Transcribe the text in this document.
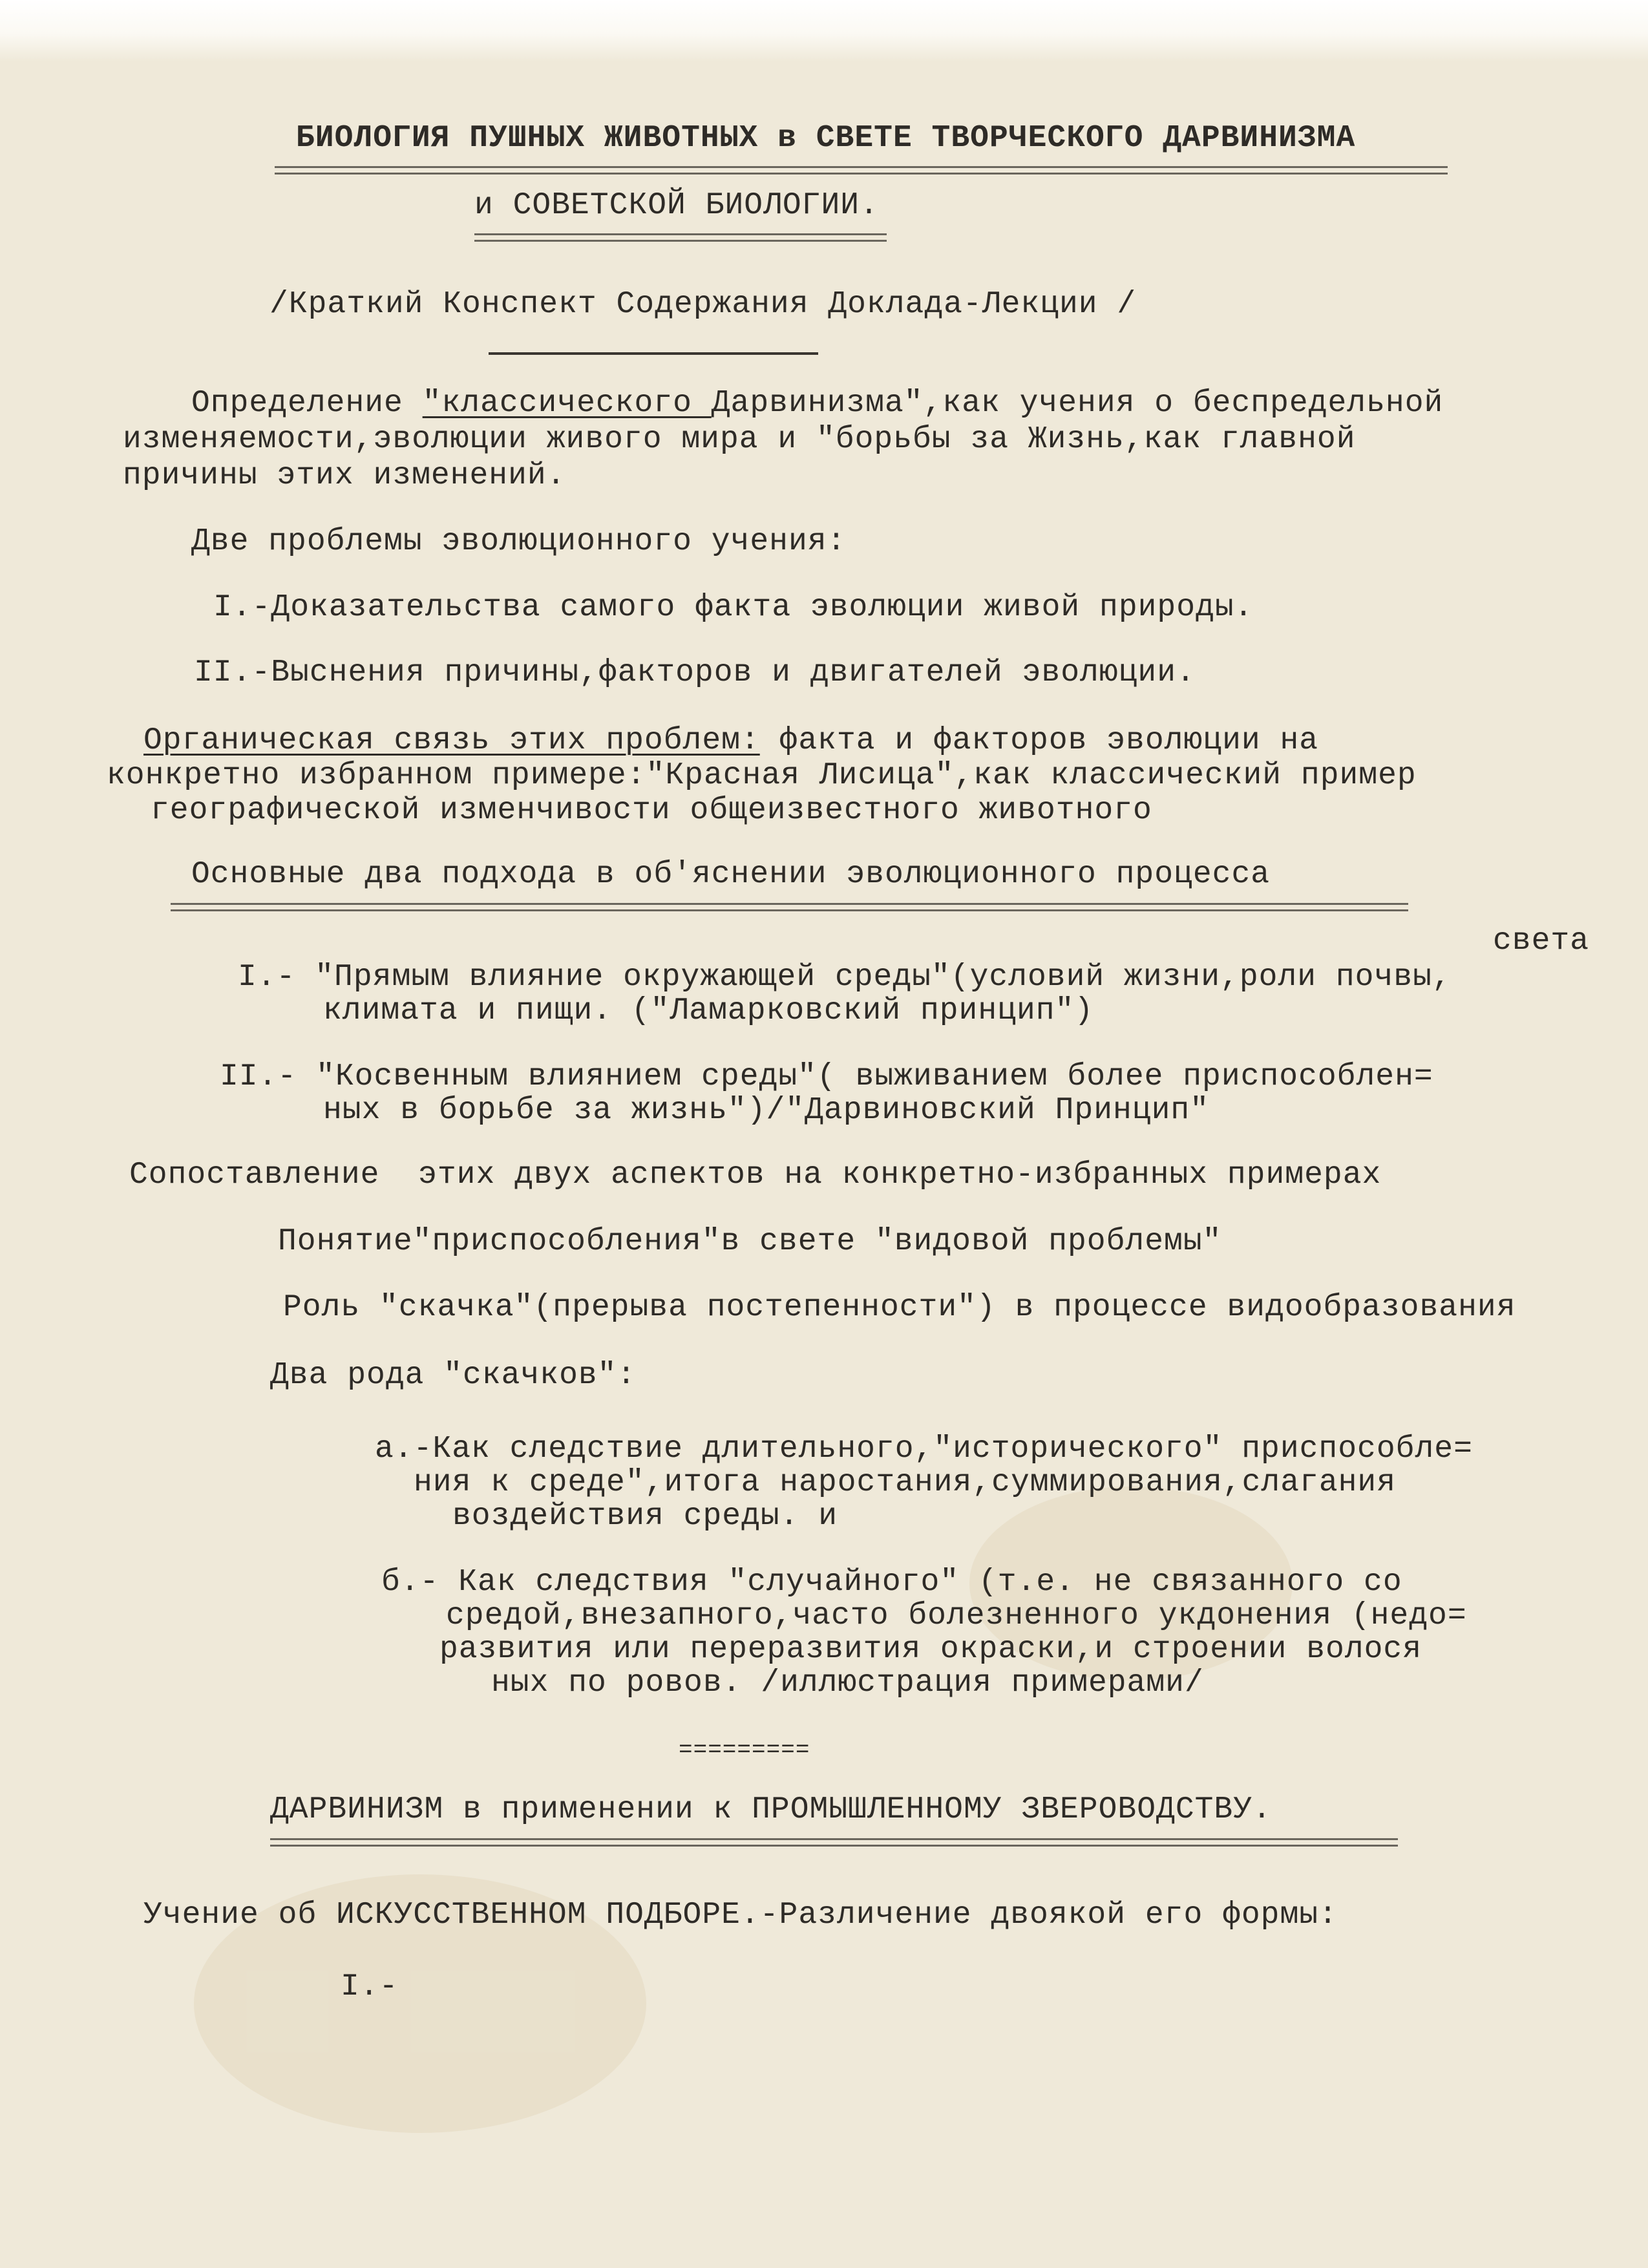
БИОЛОГИЯ ПУШНЫХ ЖИВОТНЫХ в СВЕТЕ ТВОРЧЕСКОГО ДАРВИНИЗМА
и СОВЕТСКОЙ БИОЛОГИИ.
/Краткий Конспект Содержания Доклада-Лекции /
Определение "классического Дарвинизма",как учения о беспредельной
изменяемости,эволюции живого мира и "борьбы за Жизнь,как главной
причины этих изменений.
Две проблемы эволюционного учения:
I.-Доказательства самого факта эволюции живой природы.
II.-Выснения причины,факторов и двигателей эволюции.
Органическая связь этих проблем: факта и факторов эволюции на
конкретно избранном примере:"Красная Лисица",как классический пример
географической изменчивости общеизвестного животного
Основные два подхода в об'яснении эволюционного процесса
света
I.- "Прямым влияние окружающей среды"(условий жизни,роли почвы,
климата и пищи. ("Ламарковский принцип")
II.- "Косвенным влиянием среды"( выживанием более приспособлен=
ных в борьбе за жизнь")/"Дарвиновский Принцип"
Сопоставление  этих двух аспектов на конкретно-избранных примерах
Понятие"приспособления"в свете "видовой проблемы"
Роль "скачка"(прерыва постепенности") в процессе видообразования
Два рода "скачков":
а.-Как следствие длительного,"исторического" приспособле=
ния к среде",итога наростания,суммирования,слагания
воздействия среды. и
б.- Как следствия "случайного" (т.е. не связанного со
средой,внезапного,часто болезненного укдонения (недо=
развития или переразвития окраски,и строении волося
ных по ровов. /иллюстрация примерами/
=========
ДАРВИНИЗМ в применении к ПРОМЫШЛЕННОМУ ЗВЕРОВОДСТВУ.
Учение об ИСКУССТВЕННОМ ПОДБОРЕ.-Различение двоякой его формы:
I.-
